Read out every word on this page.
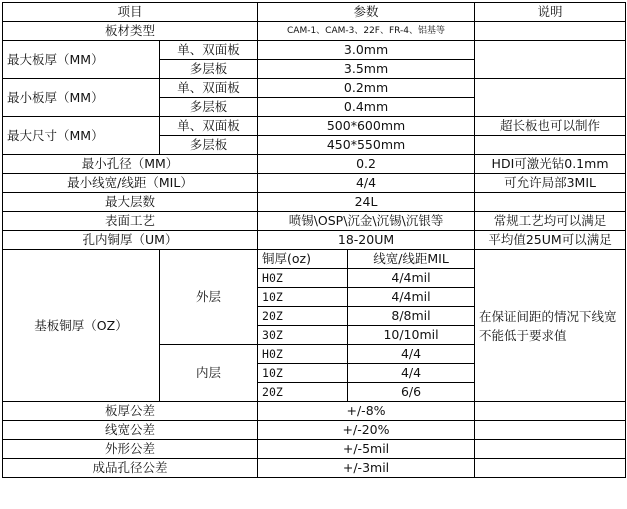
项目		参数		说明
板材类型		CAM-1、CAM-3、22F、FR-4、铝基等		
最大板厚（MM）	单、双面板	3.0mm		
	多层板	3.5mm		
最小板厚（MM）	单、双面板	0.2mm		
	多层板	0.4mm		
最大尺寸（MM）	单、双面板	500*600mm		超长板也可以制作
	多层板	450*550mm		
最小孔径（MM）		0.2		HDI可激光钻0.1mm
最小线宽/线距（MIL）		4/4		可允许局部3MIL
最大层数		24L		
表面工艺		喷锡\OSP\沉金\沉锡\沉银等		常规工艺均可以满足
孔内铜厚（UM）		18-20UM		平均值25UM可以满足
基板铜厚（OZ）	外层	铜厚(oz)	线宽/线距MIL	在保证间距的情况下线宽不能低于要求值
		H0Z	4/4mil	
		10Z	4/4mil	
		20Z	8/8mil	
		30Z	10/10mil	
	内层	H0Z	4/4	
		10Z	4/4	
		20Z	6/6	
板厚公差		+/-8%		
线宽公差		+/-20%		
外形公差		+/-5mil		
成品孔径公差		+/-3mil		
